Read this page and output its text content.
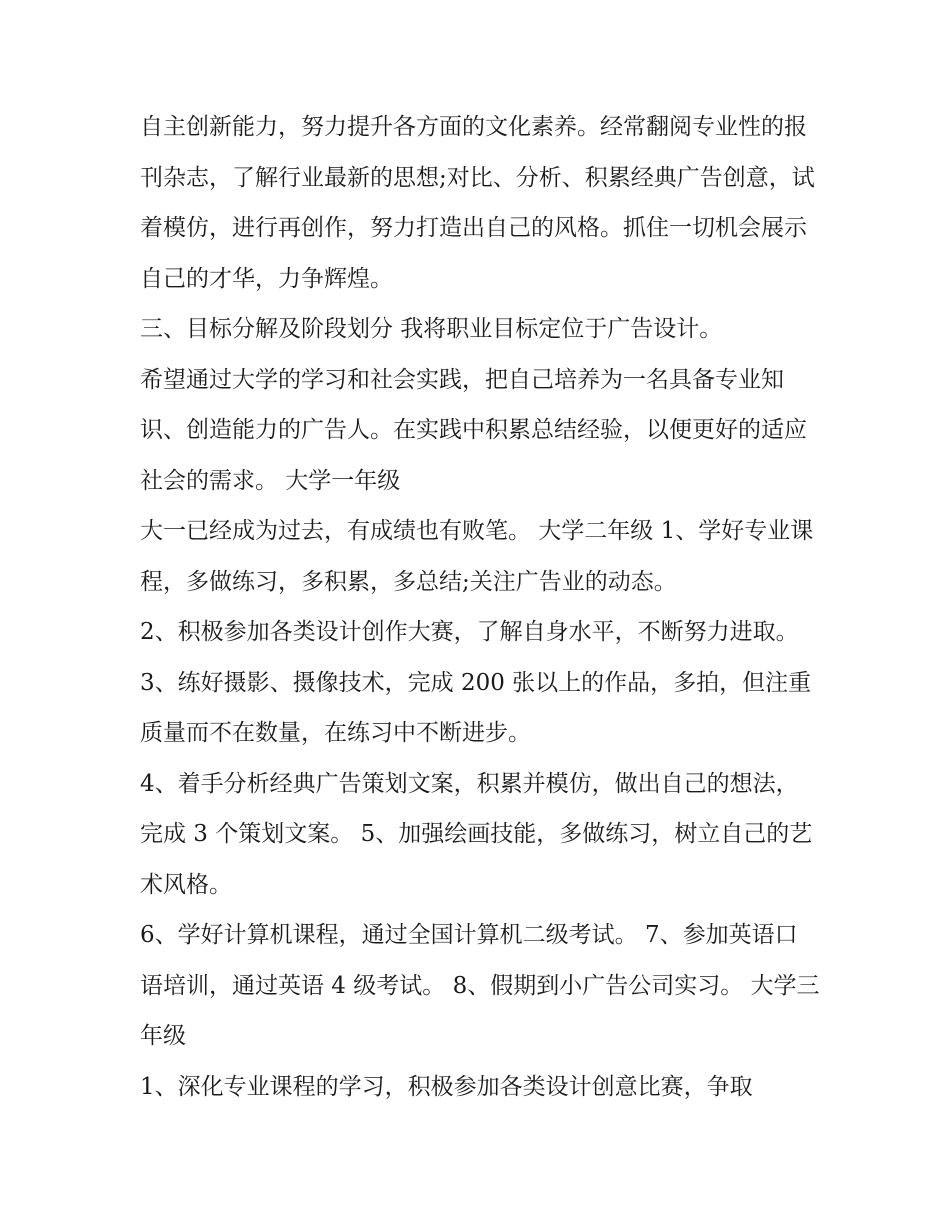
自主创新能力，努力提升各方面的文化素养。经常翻阅专业性的报刊杂志，了解行业最新的思想;对比、分析、积累经典广告创意，试着模仿，进行再创作，努力打造出自己的风格。抓住一切机会展示自己的才华，力争辉煌。

三、目标分解及阶段划分 我将职业目标定位于广告设计。

希望通过大学的学习和社会实践，把自己培养为一名具备专业知识、创造能力的广告人。在实践中积累总结经验，以便更好的适应社会的需求。 大学一年级

大一已经成为过去，有成绩也有败笔。 大学二年级 1、学好专业课程，多做练习，多积累，多总结;关注广告业的动态。

2、积极参加各类设计创作大赛，了解自身水平，不断努力进取。 3、练好摄影、摄像技术，完成 200 张以上的作品，多拍，但注重质量而不在数量，在练习中不断进步。

4、着手分析经典广告策划文案，积累并模仿，做出自己的想法，完成 3 个策划文案。 5、加强绘画技能，多做练习，树立自己的艺术风格。

6、学好计算机课程，通过全国计算机二级考试。 7、参加英语口语培训，通过英语 4 级考试。 8、假期到小广告公司实习。 大学三年级

1、深化专业课程的学习，积极参加各类设计创意比赛，争取
